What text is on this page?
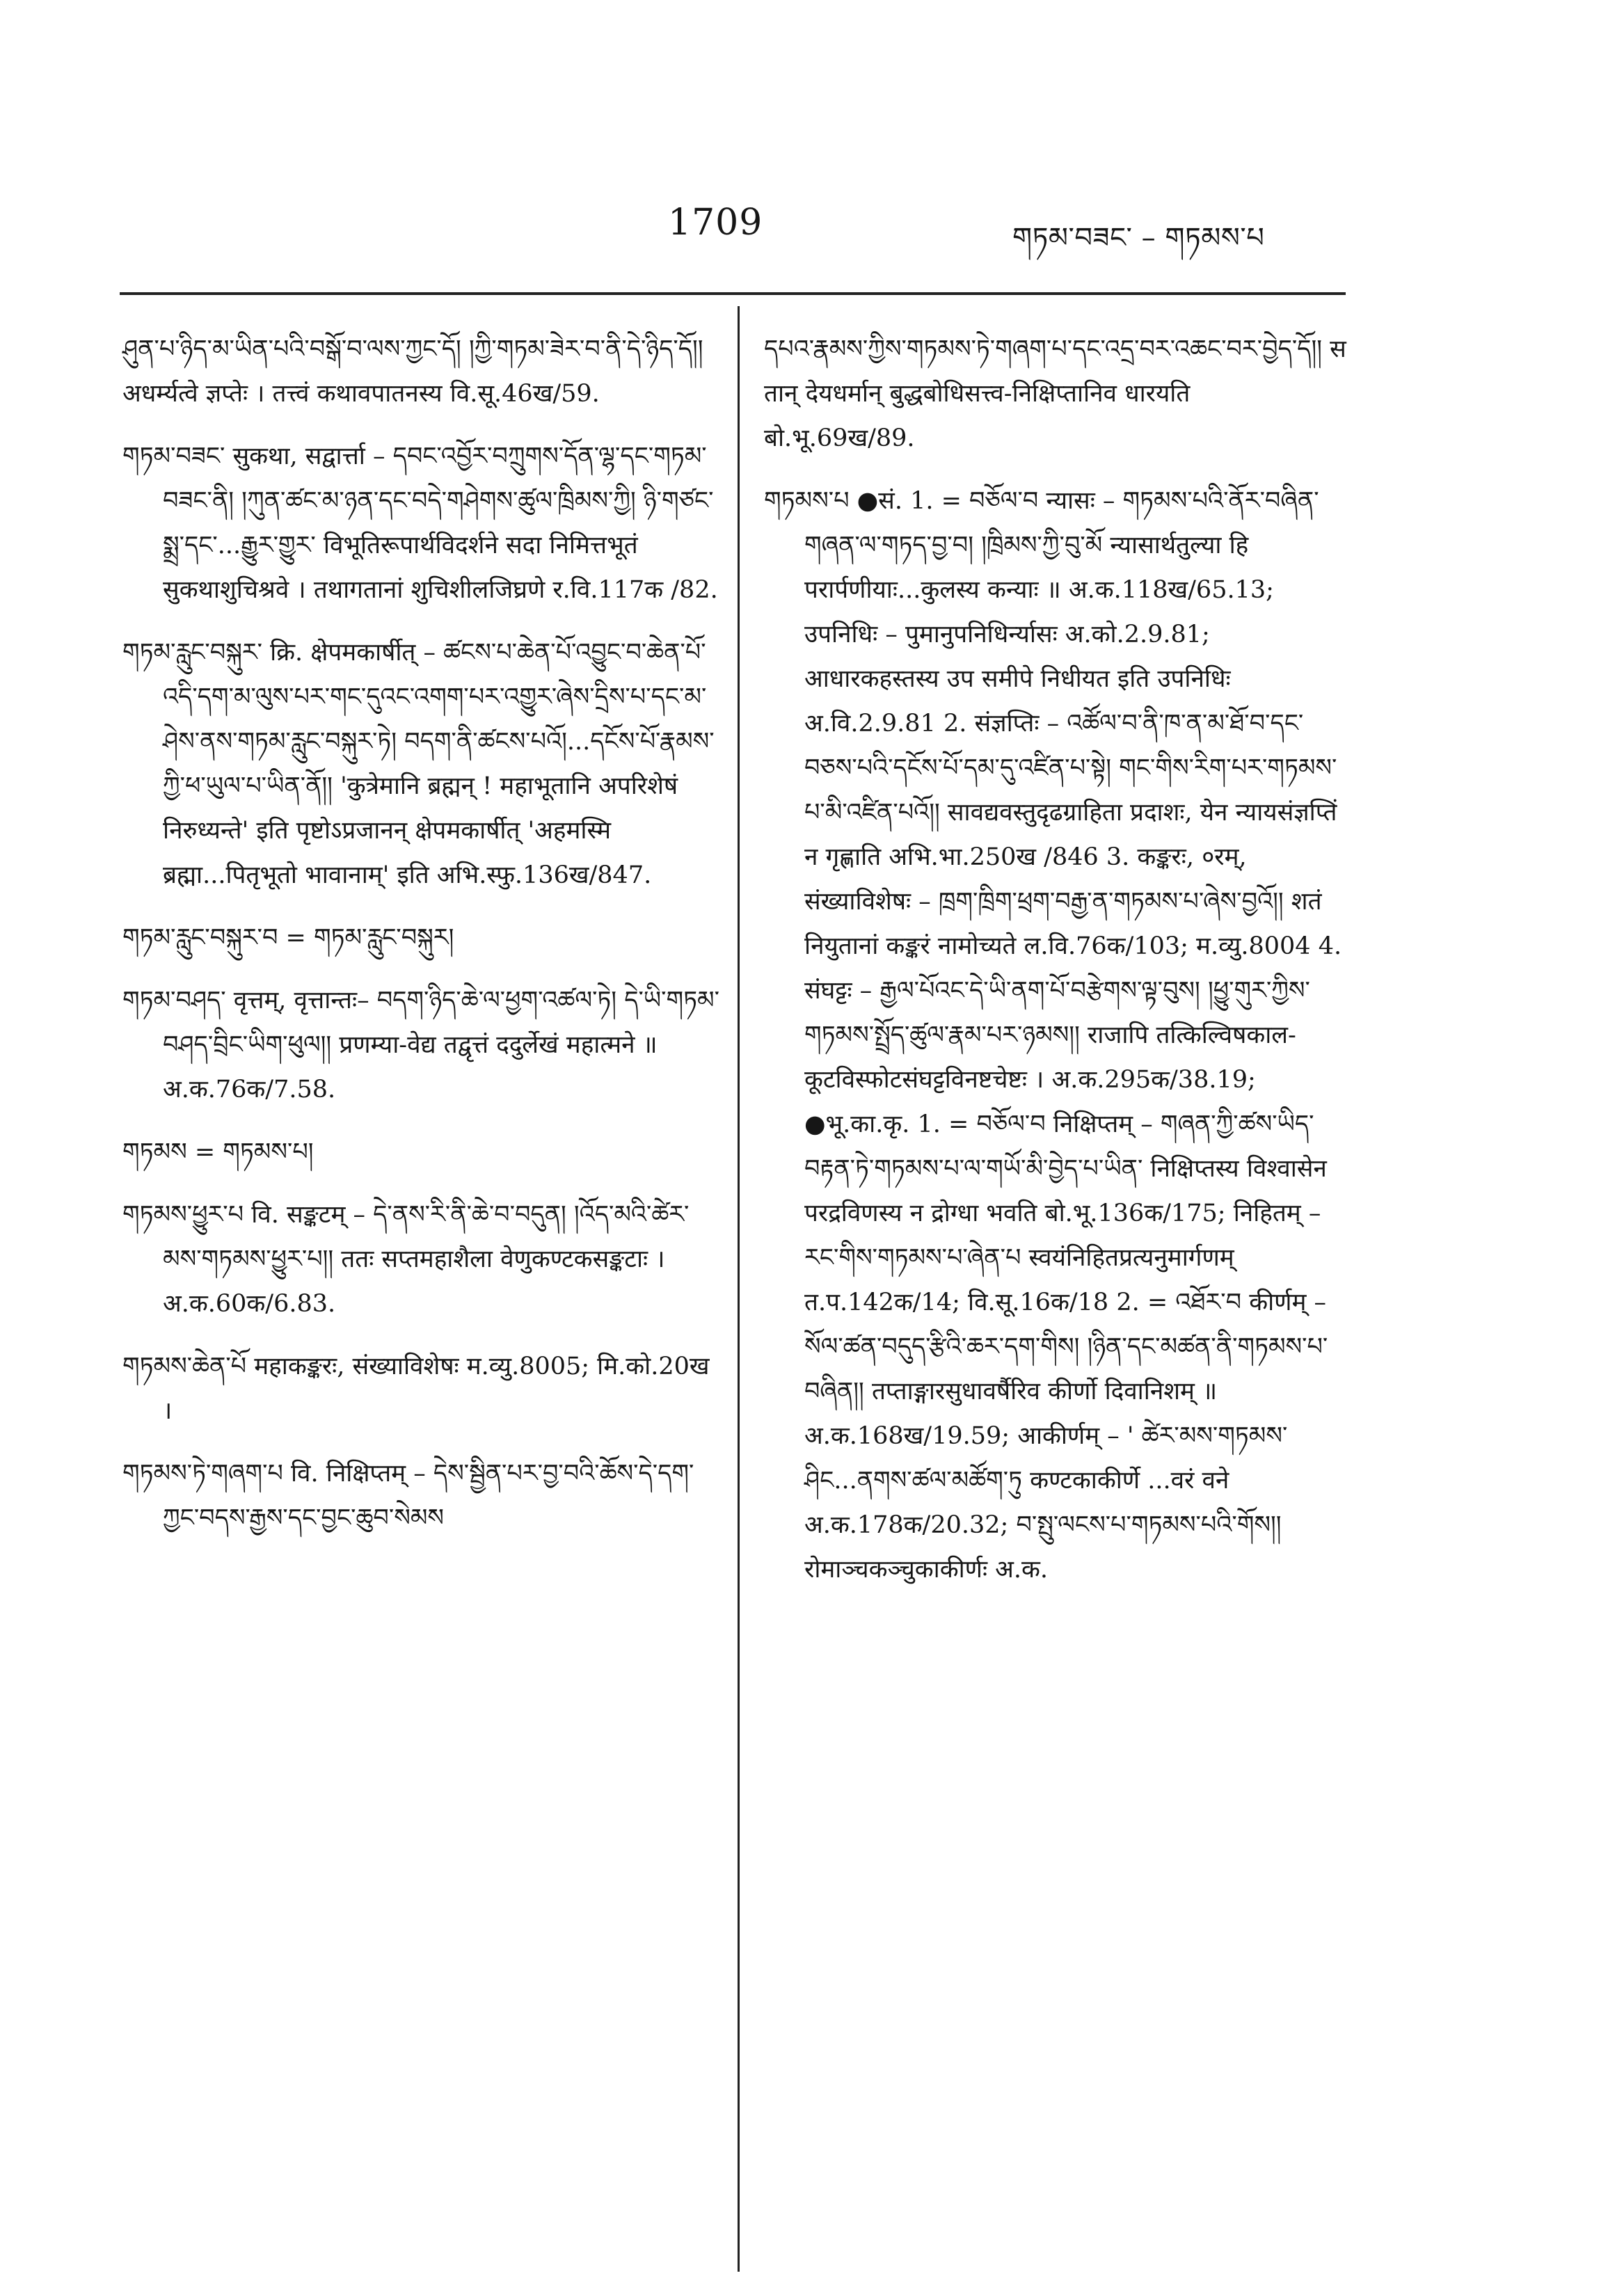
1709	གཏམ་བཟང་ – གཏམས་པ
ཤུན་པ་ཉིད་མ་ཡིན་པའི་བསྒོ་བ་ལས་ཀྱང་དོ། །ཀྱི་གཏམ་ཟེར་བ་ནི་དེ་ཉིད་དོ།། अधर्म्यत्वे ज्ञप्तेः । तत्त्वं कथावपातनस्य वि.सू.46ख/59.
གཏམ་བཟང་ सुकथा, सद्वार्त्ता – དབང་འབྱོར་བཀྲུགས་དོན་ལྷ་དང་གཏམ་བཟང་ནི། །ཀུན་ཚང་མ་ཉན་དང་བདེ་གཤེགས་ཚུལ་ཁྲིམས་ཀྱི། ཉི་གཙང་སྨྲ་དང་...རྒྱུར་གྱུར་ विभूतिरूपार्थविदर्शने सदा निमित्तभूतं सुकथाशुचिश्रवे । तथागतानां शुचिशीलजिघ्रणे र.वि.117क /82.
གཏམ་རླུང་བསྐུར་ क्रि. क्षेपमकार्षीत् – ཚངས་པ་ཆེན་པོ་འབྱུང་བ་ཆེན་པོ་འདི་དག་མ་ལུས་པར་གང་དུའང་འགག་པར་འགྱུར་ཞེས་དྲིས་པ་དང་མ་ཤེས་ནས་གཏམ་རླུང་བསྐུར་ཏེ། བདག་ནི་ཚངས་པའོ།...དངོས་པོ་རྣམས་ཀྱི་ཕ་ཡུལ་པ་ཡིན་ནོ།། 'कुत्रेमानि ब्रह्मन् ! महाभूतानि अपरिशेषं निरुध्यन्ते' इति पृष्टोऽप्रजानन् क्षेपमकार्षीत् 'अहमस्मि ब्रह्मा...पितृभूतो भावानाम्' इति अभि.स्फु.136ख/847.
གཏམ་རླུང་བསྐུར་བ = གཏམ་རླུང་བསྐུར།
གཏམ་བཤད་ वृत्तम्, वृत्तान्तः– བདག་ཉིད་ཆེ་ལ་ཕྱག་འཚལ་ཏེ། དེ་ཡི་གཏམ་བཤད་བྲིང་ཡིག་ཕུལ།། प्रणम्या-वेद्य तद्वृत्तं ददुर्लेखं महात्मने ॥ अ.क.76क/7.58.
གཏམས = གཏམས་པ།
གཏམས་ཕྱུར་པ वि. सङ्कटम् – དེ་ནས་རི་ནི་ཆེ་བ་བདུན། །འོད་མའི་ཚེར་མས་གཏམས་ཕྱུར་པ།། ततः सप्तमहाशैला वेणुकण्टकसङ्कटाः । अ.क.60क/6.83.
གཏམས་ཆེན་པོ महाकङ्करः, संख्याविशेषः म.व्यु.8005; मि.को.20ख ।
གཏམས་ཏེ་གཞག་པ वि. निक्षिप्तम् – དེས་སྦྱིན་པར་བྱ་བའི་ཆོས་དེ་དག་ཀྱང་བདས་རྒྱས་དང་བྱང་ཆུབ་སེམས
དཔའ་རྣམས་ཀྱིས་གཏམས་ཏེ་གཞག་པ་དང་འདྲ་བར་འཆང་བར་བྱེད་དོ།། स तान् देयधर्मान् बुद्धबोधिसत्त्व-निक्षिप्तानिव धारयति बो.भू.69ख/89.
གཏམས་པ ●सं. 1. = བཅོལ་བ न्यासः – གཏམས་པའི་ནོར་བཞིན་གཞན་ལ་གཏད་བྱ་བ། །ཁྲིམས་ཀྱི་བུ་མོ न्यासार्थतुल्या हि परार्पणीयाः...कुलस्य कन्याः ॥ अ.क.118ख/65.13; उपनिधिः – पुमानुपनिधिर्न्यासः अ.को.2.9.81; आधारकहस्तस्य उप समीपे निधीयत इति उपनिधिः अ.वि.2.9.81 2. संज्ञप्तिः – འཚོལ་བ་ནི་ཁ་ན་མ་ཐོ་བ་དང་བཅས་པའི་དངོས་པོ་དམ་དུ་འཛིན་པ་སྟེ། གང་གིས་རིག་པར་གཏམས་པ་མི་འཛིན་པའོ།། सावद्यवस्तुदृढग्राहिता प्रदाशः, येन न्यायसंज्ञप्तिं न गृह्णाति अभि.भा.250ख /846 3. कङ्करः, ०रम्, संख्याविशेषः – ཁྲག་ཁྲིག་ཕྲག་བརྒྱ་ན་གཏམས་པ་ཞེས་བྱའོ།། शतं नियुतानां कङ्करं नामोच्यते ल.वि.76क/103; म.व्यु.8004 4. संघट्टः – རྒྱལ་པོའང་དེ་ཡི་ནག་པོ་བརྩེགས་ལྟ་བུས། །ཕྱུ་གུར་ཀྱིས་གཏམས་སྤྲོད་ཚུལ་རྣམ་པར་ཉམས།། राजापि तत्किल्विषकाल-कूटविस्फोटसंघट्टविनष्टचेष्टः । अ.क.295क/38.19; ●भू.का.कृ. 1. = བཅོལ་བ निक्षिप्तम् – གཞན་ཀྱི་ཚས་ཡིད་བརྟན་ཏེ་གཏམས་པ་ལ་གཡོ་མི་བྱེད་པ་ཡིན་ निक्षिप्तस्य विश्वासेन परद्रविणस्य न द्रोग्धा भवति बो.भू.136क/175; निहितम् – རང་གིས་གཏམས་པ་ཞེན་པ स्वयंनिहितप्रत्यनुमार्गणम् त.प.142क/14; वि.सू.16क/18 2. = འཐོར་བ कीर्णम् – སོལ་ཚན་བདུད་རྩིའི་ཆར་དག་གིས། །ཉིན་དང་མཚན་ནི་གཏམས་པ་བཞིན།། तप्ताङ्गारसुधावर्षैरिव कीर्णो दिवानिशम् ॥ अ.क.168ख/19.59; आकीर्णम् – ' ཚེར་མས་གཏམས་ཤིང...ནགས་ཚལ་མཚོག་ཏུ कण्टकाकीर्णे ...वरं वने अ.क.178क/20.32; བ་སྤུ་ལངས་པ་གཏམས་པའི་གོས།། रोमाञ्चकञ्चुकाकीर्णः अ.क.
